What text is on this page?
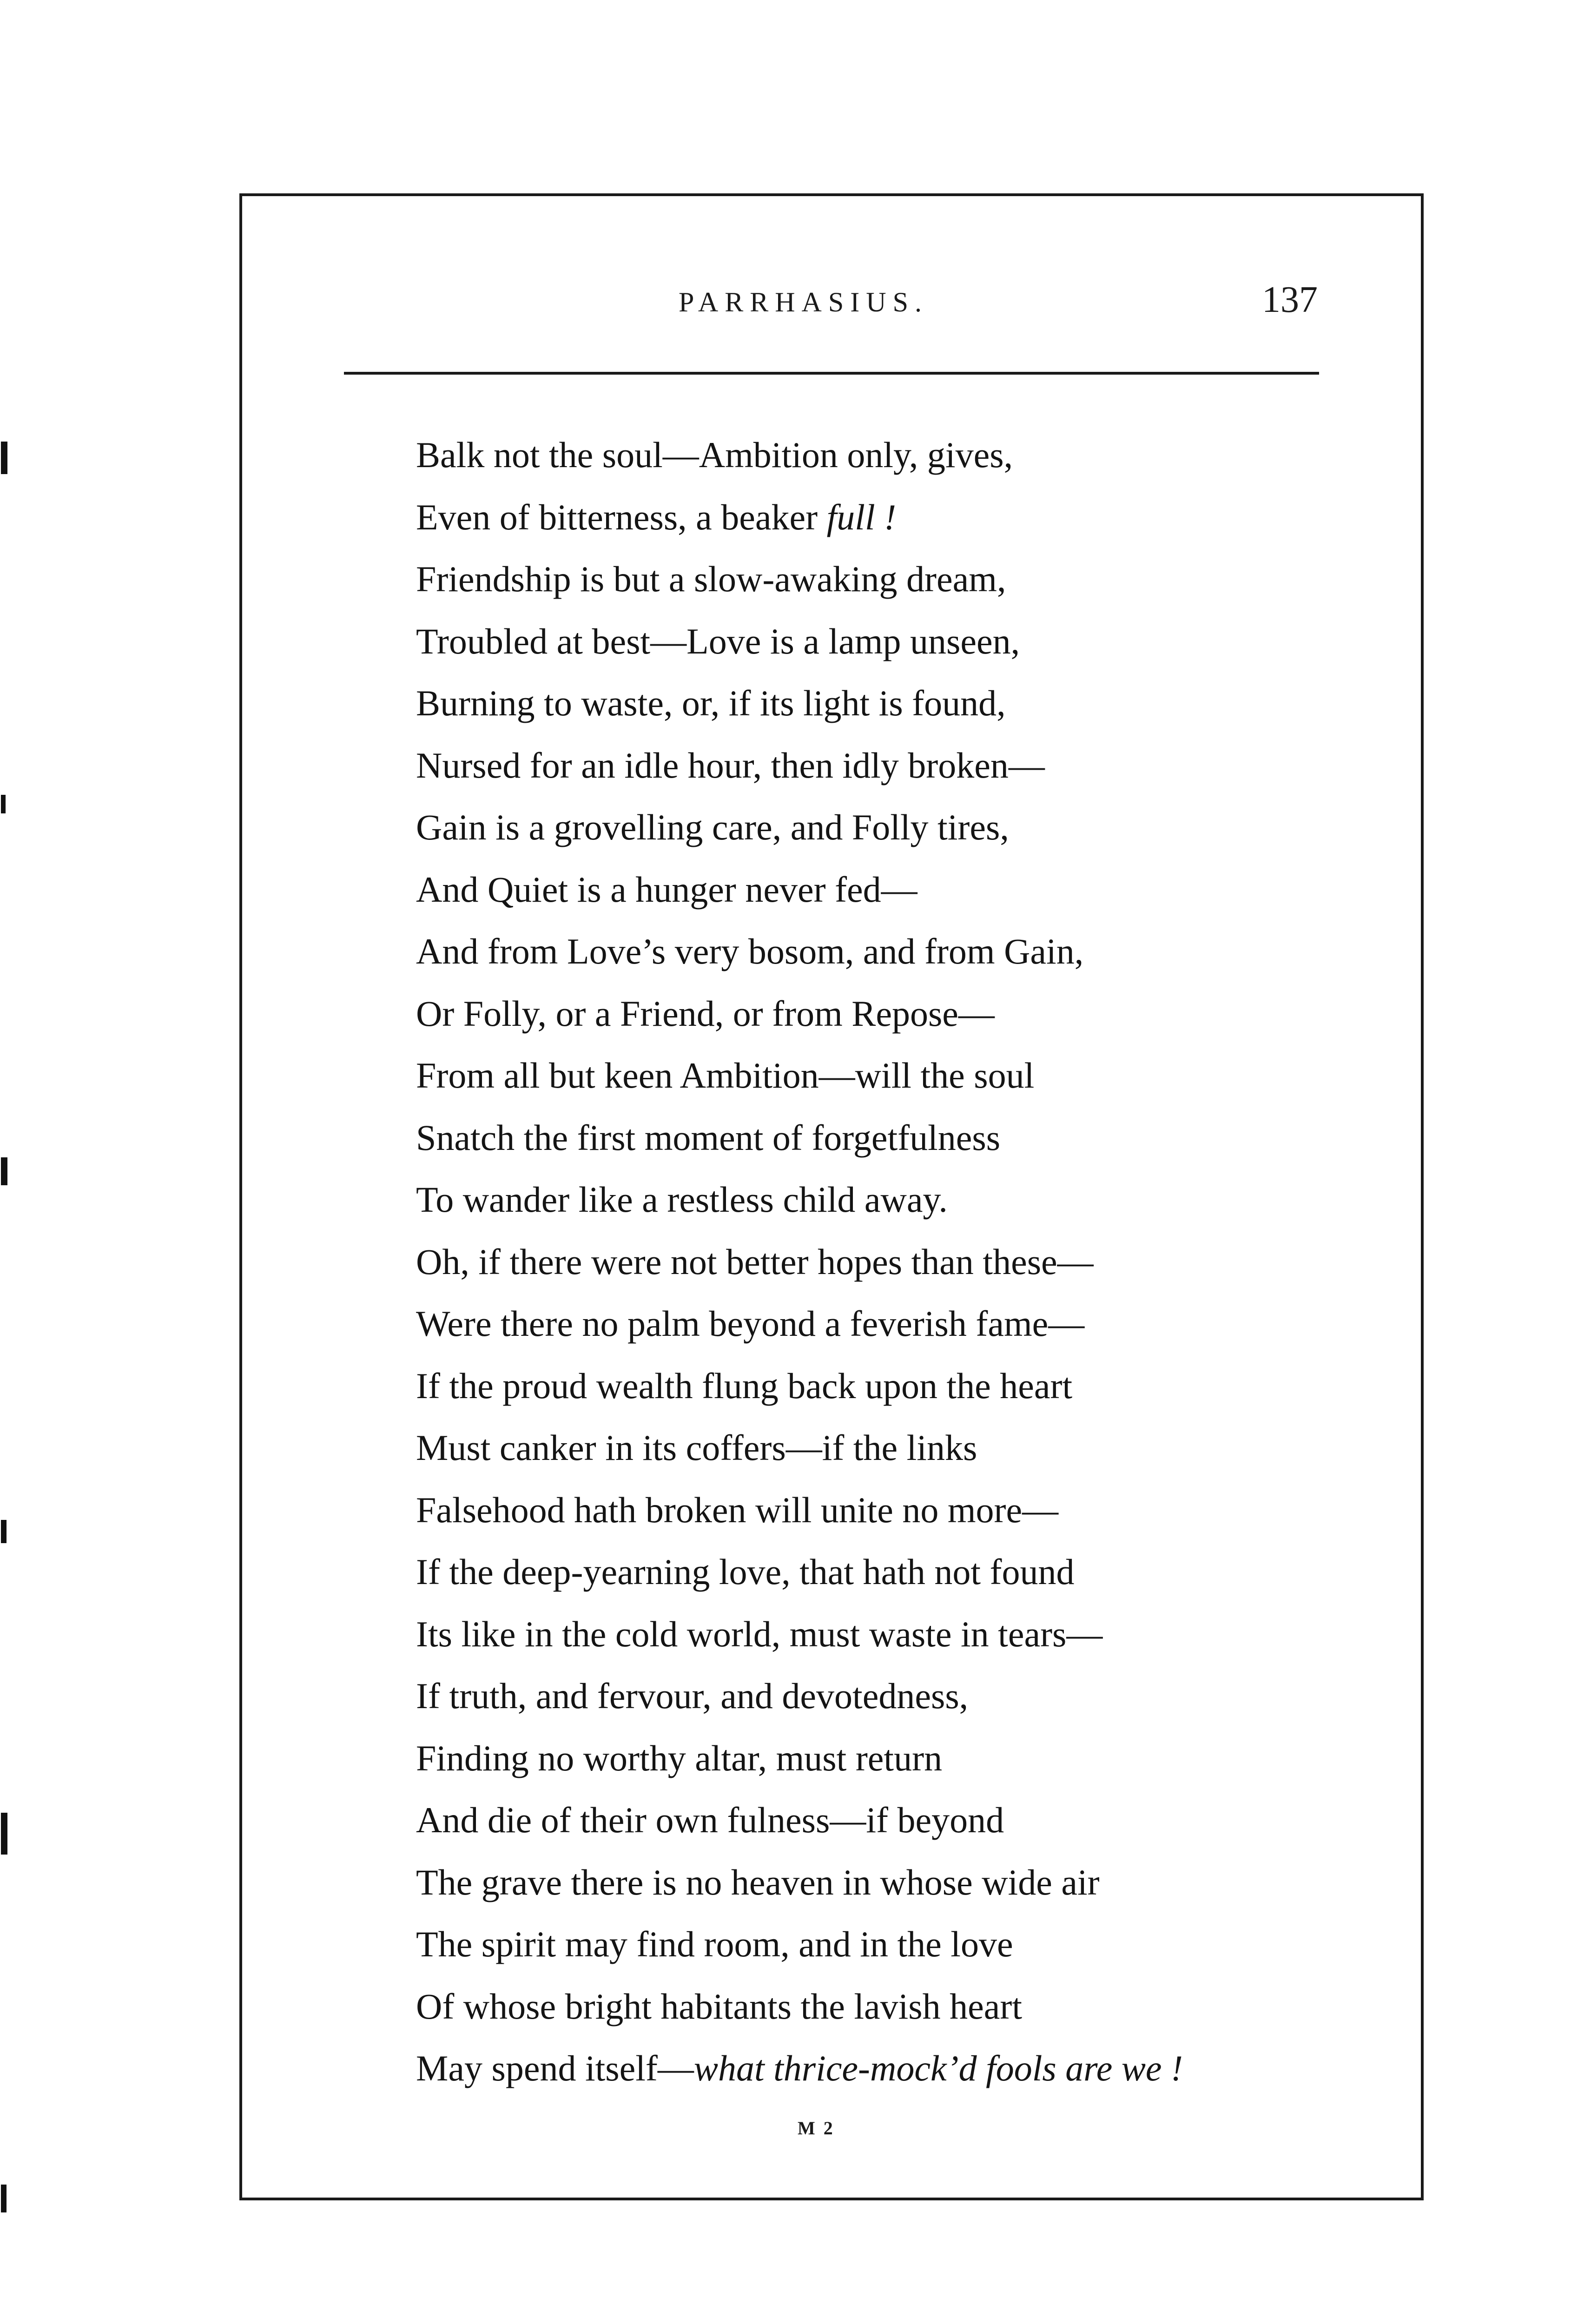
PARRHASIUS.	137
Balk not the soul—Ambition only, gives,
Even of bitterness, a beaker full !
Friendship is but a slow-awaking dream,
Troubled at best—Love is a lamp unseen,
Burning to waste, or, if its light is found,
Nursed for an idle hour, then idly broken—
Gain is a grovelling care, and Folly tires,
And Quiet is a hunger never fed—
And from Love’s very bosom, and from Gain,
Or Folly, or a Friend, or from Repose—
From all but keen Ambition—will the soul
Snatch the first moment of forgetfulness
To wander like a restless child away.
Oh, if there were not better hopes than these—
Were there no palm beyond a feverish fame—
If the proud wealth flung back upon the heart
Must canker in its coffers—if the links
Falsehood hath broken will unite no more—
If the deep-yearning love, that hath not found
Its like in the cold world, must waste in tears—
If truth, and fervour, and devotedness,
Finding no worthy altar, must return
And die of their own fulness—if beyond
The grave there is no heaven in whose wide air
The spirit may find room, and in the love
Of whose bright habitants the lavish heart
May spend itself—what thrice-mock’d fools are we !
M 2
